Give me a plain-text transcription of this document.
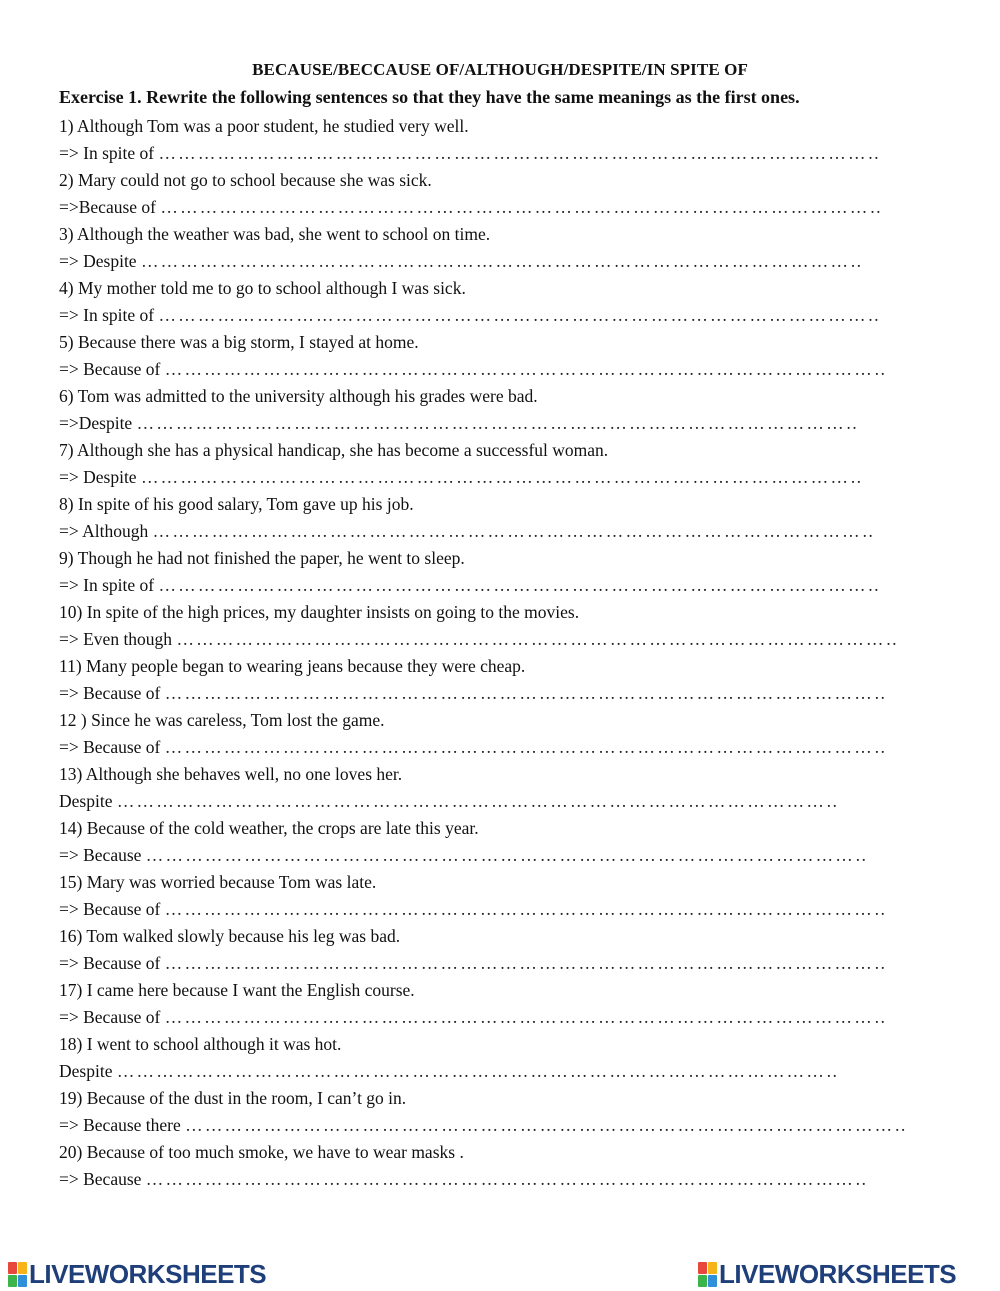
BECAUSE/BECCAUSE OF/ALTHOUGH/DESPITE/IN SPITE OF
Exercise 1. Rewrite the following sentences so that they have the same meanings as the first ones.
1) Although Tom was a poor student, he studied very well.
=> In spite of ……………………………………………………………………………………………………
2) Mary could not go to school because she was sick.
=>Because of ……………………………………………………………………………………………………
3) Although the weather was bad, she went to school on time.
=> Despite ……………………………………………………………………………………………………
4) My mother told me to go to school although I was sick.
=> In spite of ……………………………………………………………………………………………………
5) Because there was a big storm, I stayed at home.
=> Because of ……………………………………………………………………………………………………
6) Tom was admitted to the university although his grades were bad.
=>Despite ……………………………………………………………………………………………………
7) Although she has a physical handicap, she has become a successful woman.
=> Despite ……………………………………………………………………………………………………
8) In spite of his good salary, Tom gave up his job.
=> Although ……………………………………………………………………………………………………
9) Though he had not finished the paper, he went to sleep.
=> In spite of ……………………………………………………………………………………………………
10) In spite of the high prices, my daughter insists on going to the movies.
=> Even though ……………………………………………………………………………………………………
11) Many people began to wearing jeans because they were cheap.
=> Because of ……………………………………………………………………………………………………
12 ) Since he was careless, Tom lost the game.
=> Because of ……………………………………………………………………………………………………
13) Although she behaves well, no one loves her.
Despite ……………………………………………………………………………………………………
14) Because of the cold weather, the crops are late this year.
=> Because ……………………………………………………………………………………………………
15) Mary was worried because Tom was late.
=> Because of ……………………………………………………………………………………………………
16) Tom walked slowly because his leg was bad.
=> Because of ……………………………………………………………………………………………………
17) I came here because I want the English course.
=> Because of ……………………………………………………………………………………………………
18) I went to school although it was hot.
Despite ……………………………………………………………………………………………………
19) Because of the dust in the room, I can’t go in.
=> Because there ……………………………………………………………………………………………………
20) Because of too much smoke, we have to wear masks .
=> Because ……………………………………………………………………………………………………
LIVEWORKSHEETS	LIVEWORKSHEETS
